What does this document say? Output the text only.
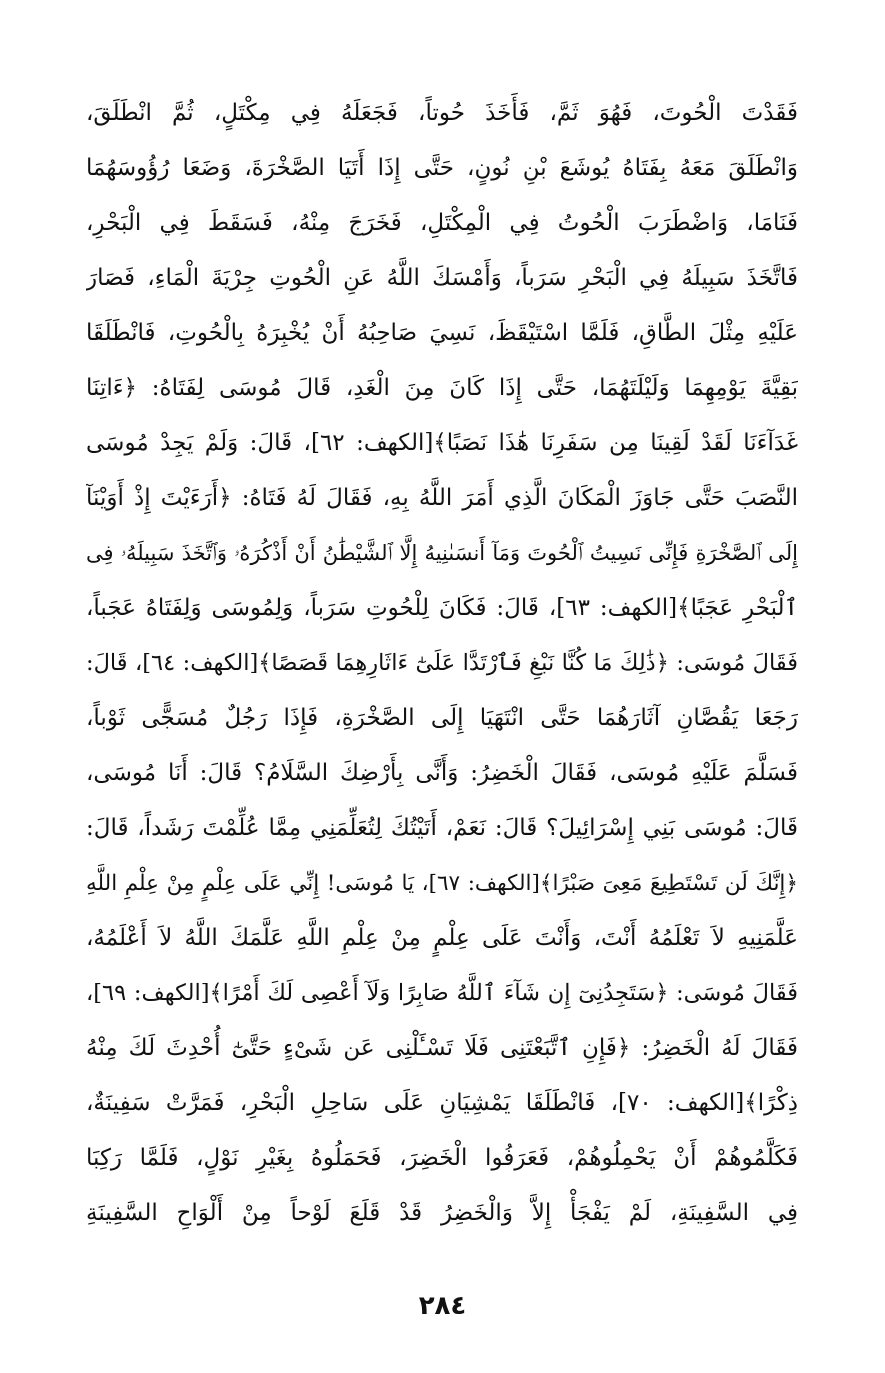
فَقَدْتَ الْحُوتَ، فَهُوَ ثَمَّ، فَأَخَذَ حُوتاً، فَجَعَلَهُ فِي مِكْتَلٍ، ثُمَّ انْطَلَقَ،
وَانْطَلَقَ مَعَهُ بِفَتَاهُ يُوشَعَ بْنِ نُونٍ، حَتَّى إِذَا أَتَيَا الصَّخْرَةَ، وَضَعَا رُؤُوسَهُمَا
فَنَامَا، وَاضْطَرَبَ الْحُوتُ فِي الْمِكْتَلِ، فَخَرَجَ مِنْهُ، فَسَقَطَ فِي الْبَحْرِ،
فَاتَّخَذَ سَبِيلَهُ فِي الْبَحْرِ سَرَباً، وَأَمْسَكَ اللَّهُ عَنِ الْحُوتِ جِرْيَةَ الْمَاءِ، فَصَارَ
عَلَيْهِ مِثْلَ الطَّاقِ، فَلَمَّا اسْتَيْقَظَ، نَسِيَ صَاحِبُهُ أَنْ يُخْبِرَهُ بِالْحُوتِ، فَانْطَلَقَا
بَقِيَّةَ يَوْمِهِمَا وَلَيْلَتَهُمَا، حَتَّى إِذَا كَانَ مِنَ الْغَدِ، قَالَ مُوسَى لِفَتَاهُ: ﴿ءَاتِنَا
غَدَآءَنَا لَقَدْ لَقِينَا مِن سَفَرِنَا هَٰذَا نَصَبًا﴾[الكهف: ٦٢]، قَالَ: وَلَمْ يَجِدْ مُوسَى
النَّصَبَ حَتَّى جَاوَزَ الْمَكَانَ الَّذِي أَمَرَ اللَّهُ بِهِ، فَقَالَ لَهُ فَتَاهُ: ﴿أَرَءَيْتَ إِذْ أَوَيْنَآ
إِلَى ٱلصَّخْرَةِ فَإِنِّى نَسِيتُ ٱلْحُوتَ وَمَآ أَنسَىٰنِيهُ إِلَّا ٱلشَّيْطَٰنُ أَنْ أَذْكُرَهُۥ وَٱتَّخَذَ سَبِيلَهُۥ فِى
ٱلْبَحْرِ عَجَبًا﴾[الكهف: ٦٣]، قَالَ: فَكَانَ لِلْحُوتِ سَرَباً، وَلِمُوسَى وَلِفَتَاهُ عَجَباً،
فَقَالَ مُوسَى: ﴿ذَٰلِكَ مَا كُنَّا نَبْغِ فَٱرْتَدَّا عَلَىٰٓ ءَاثَارِهِمَا قَصَصًا﴾[الكهف: ٦٤]، قَالَ:
رَجَعَا يَقُصَّانِ آثَارَهُمَا حَتَّى انْتَهَيَا إِلَى الصَّخْرَةِ، فَإِذَا رَجُلٌ مُسَجًّى ثَوْباً،
فَسَلَّمَ عَلَيْهِ مُوسَى، فَقَالَ الْخَضِرُ: وَأَنَّى بِأَرْضِكَ السَّلَامُ؟ قَالَ: أَنَا مُوسَى،
قَالَ: مُوسَى بَنِي إِسْرَائِيلَ؟ قَالَ: نَعَمْ، أَتَيْتُكَ لِتُعَلِّمَنِي مِمَّا عُلِّمْتَ رَشَداً، قَالَ:
﴿إِنَّكَ لَن تَسْتَطِيعَ مَعِىَ صَبْرًا﴾[الكهف: ٦٧]، يَا مُوسَى! إِنِّي عَلَى عِلْمٍ مِنْ عِلْمِ اللَّهِ
عَلَّمَنِيهِ لاَ تَعْلَمُهُ أَنْتَ، وَأَنْتَ عَلَى عِلْمٍ مِنْ عِلْمِ اللَّهِ عَلَّمَكَ اللَّهُ لاَ أَعْلَمُهُ،
فَقَالَ مُوسَى: ﴿سَتَجِدُنِىٓ إِن شَآءَ ٱللَّهُ صَابِرًا وَلَآ أَعْصِى لَكَ أَمْرًا﴾[الكهف: ٦٩]،
فَقَالَ لَهُ الْخَضِرُ: ﴿فَإِنِ ٱتَّبَعْتَنِى فَلَا تَسْـَٔلْنِى عَن شَىْءٍ حَتَّىٰٓ أُحْدِثَ لَكَ مِنْهُ
ذِكْرًا﴾[الكهف: ٧٠]، فَانْطَلَقَا يَمْشِيَانِ عَلَى سَاحِلِ الْبَحْرِ، فَمَرَّتْ سَفِينَةٌ،
فَكَلَّمُوهُمْ أَنْ يَحْمِلُوهُمْ، فَعَرَفُوا الْخَضِرَ، فَحَمَلُوهُ بِغَيْرِ نَوْلٍ، فَلَمَّا رَكِبَا
فِي السَّفِينَةِ، لَمْ يَفْجَأْ إِلاَّ وَالْخَضِرُ قَدْ قَلَعَ لَوْحاً مِنْ أَلْوَاحِ السَّفِينَةِ
٢٨٤
